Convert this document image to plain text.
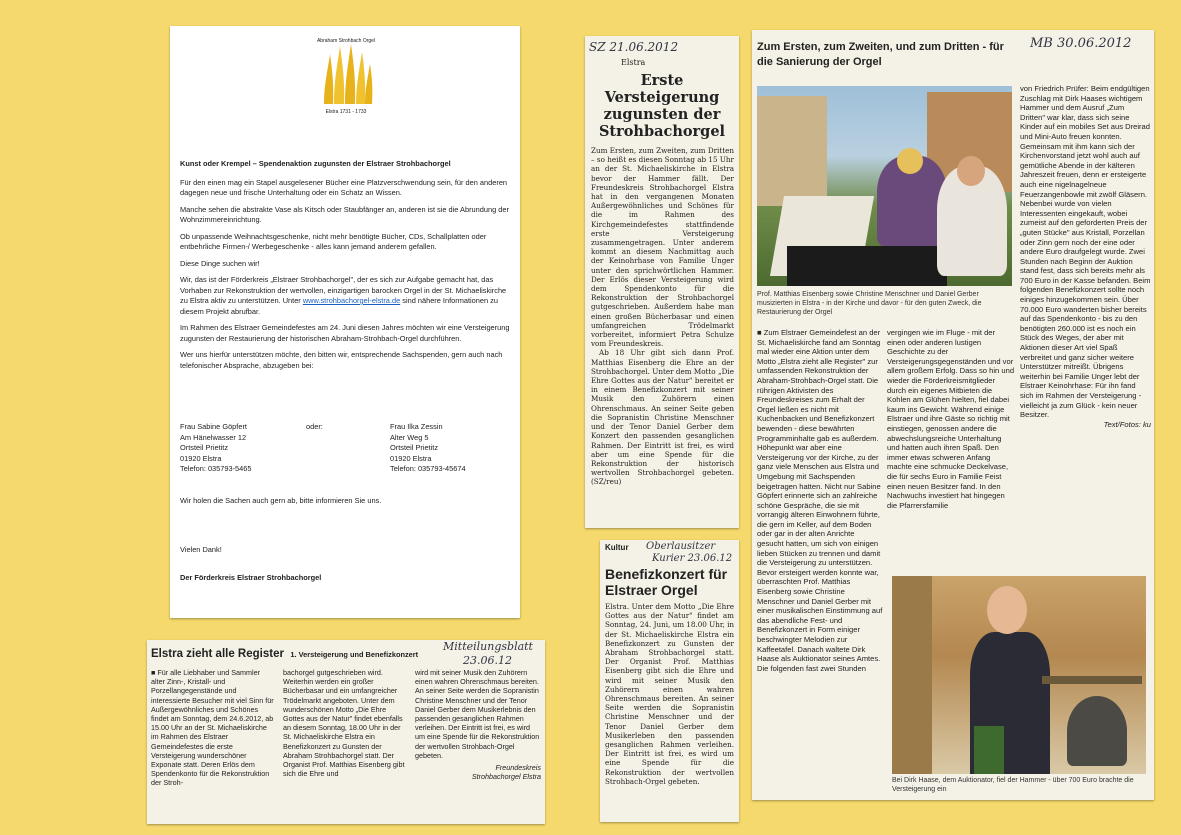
Abraham Strohbach Orgel
Elstra 1731 - 1733

Kunst oder Krempel – Spendenaktion zugunsten der Elstraer Strohbachorgel

Für den einen mag ein Stapel ausgelesener Bücher eine Platzverschwendung sein, für den anderen dagegen neue und frische Unterhaltung oder ein Schatz an Wissen.

Manche sehen die abstrakte Vase als Kitsch oder Staubfänger an, anderen ist sie die Abrundung der Wohnzimmereinrichtung.

Ob unpassende Weihnachtsgeschenke, nicht mehr benötigte Bücher, CDs, Schallplatten oder entbehrliche Firmen-/ Werbegeschenke - alles kann jemand anderem gefallen.

Diese Dinge suchen wir!

Wir, das ist der Förderkreis „Elstraer Strohbachorgel", der es sich zur Aufgabe gemacht hat, das Vorhaben zur Rekonstruktion der wertvollen, einzigartigen barocken Orgel in der St. Michaeliskirche zu Elstra aktiv zu unterstützen. Unter www.strohbachorgel-elstra.de sind nähere Informationen zu diesem Projekt abrufbar.

Im Rahmen des Elstraer Gemeindefestes am 24. Juni diesen Jahres möchten wir eine Versteigerung zugunsten der Restaurierung der historischen Abraham-Strohbach-Orgel durchführen.

Wer uns hierfür unterstützen möchte, den bitten wir, entsprechende Sachspenden, gern auch nach telefonischer Absprache, abzugeben bei:

Frau Sabine Göpfert
Am Hänelwasser 12
Ortsteil Prietitz
01920 Elstra
Telefon: 035793-5465
oder:	Frau Ilka Zessin
Alter Weg 5
Ortsteil Prietitz
01920 Elstra
Telefon: 035793-45674

Wir holen die Sachen auch gern ab, bitte informieren Sie uns.

Vielen Dank!

Der Förderkreis Elstraer Strohbachorgel

SZ 21.06.2012
Elstra
Erste Versteigerung zugunsten der Strohbachorgel

Zum Ersten, zum Zweiten, zum Dritten – so heißt es diesen Sonntag ab 15 Uhr an der St. Michaeliskirche in Elstra bevor der Hammer fällt. Der Freundeskreis Strohbachorgel Elstra hat in den vergangenen Monaten Außergewöhnliches und Schönes für die im Rahmen des Kirchgemeindefestes stattfindende erste Versteigerung zusammengetragen. Unter anderem kommt an diesem Nachmittag auch der Keinohrhase von Familie Unger unter den sprichwörtlichen Hammer. Der Erlös dieser Versteigerung wird dem Spendenkonto für die Rekonstruktion der Strohbachorgel gutgeschrieben. Außerdem habe man einen großen Bücherbasar und einen umfangreichen Trödelmarkt vorbereitet, informiert Petra Schulze vom Freundeskreis.

Ab 18 Uhr gibt sich dann Prof. Matthias Eisenberg die Ehre an der Strohbachorgel. Unter dem Motto „Die Ehre Gottes aus der Natur" bereitet er in einem Benefizkonzert mit seiner Musik den Zuhörern einen Ohrenschmaus. An seiner Seite geben die Sopranistin Christine Menschner und der Tenor Daniel Gerber dem Konzert den passenden gesanglichen Rahmen. Der Eintritt ist frei, es wird aber um eine Spende für die Rekonstruktion der historisch wertvollen Strohbachorgel gebeten. (SZ/reu)

Kultur Oberlausitzer
Kurier 23.06.12
Benefizkonzert für Elstraer Orgel
Elstra. Unter dem Motto „Die Ehre Gottes aus der Natur" findet am Sonntag, 24. Juni, um 18.00 Uhr, in der St. Michaeliskirche Elstra ein Benefizkonzert zu Gunsten der Abraham Strohbachorgel statt. Der Organist Prof. Matthias Eisenberg gibt sich die Ehre und wird mit seiner Musik den Zuhörern einen wahren Ohrenschmaus bereiten. An seiner Seite werden die Sopranistin Christine Menschner und der Tenor Daniel Gerber dem Musikerleben den passenden gesanglichen Rahmen verleihen. Der Eintritt ist frei, es wird um eine Spende für die Rekonstruktion der wertvollen Strohbach-Orgel gebeten.
Zum Ersten, zum Zweiten, und zum Dritten - für die Sanierung der Orgel
MB 30.06.2012
Prof. Matthias Eisenberg sowie Christine Menschner und Daniel Gerber musizierten in Elstra - in der Kirche und davor - für den guten Zweck, die Restaurierung der Orgel

von Friedrich Prüfer: Beim endgültigen Zuschlag mit Dirk Haases wichtigem Hammer und dem Ausruf „Zum Dritten" war klar, dass sich seine Kinder auf ein mobiles Set aus Dreirad und Mini-Auto freuen konnten. Gemeinsam mit ihm kann sich der Kirchenvorstand jetzt wohl auch auf gemütliche Abende in der kälteren Jahreszeit freuen, denn er ersteigerte auch eine nigelnagelneue Feuerzangenbowle mit zwölf Gläsern. Nebenbei wurde von vielen Interessenten eingekauft, wobei zumeist auf den geforderten Preis der „guten Stücke" aus Kristall, Porzellan oder Zinn gern noch der eine oder andere Euro draufgelegt wurde. Zwei Stunden nach Beginn der Auktion stand fest, dass sich bereits mehr als 700 Euro in der Kasse befanden. Beim folgenden Benefizkonzert sollte noch einiges hinzugekommen sein. Über 70.000 Euro wanderten bisher bereits auf das Spendenkonto - bis zu den benötigten 260.000 ist es noch ein Stück des Weges, der aber mit Aktionen dieser Art viel Spaß verbreitet und ganz sicher weitere Unterstützer mitreißt. Übrigens weiterhin bei Familie Unger lebt der Elstraer Keinohrhase: Für ihn fand sich im Rahmen der Versteigerung - vielleicht ja zum Glück - kein neuer Besitzer.

Text/Fotos: ku

■ Zum Elstraer Gemeindefest an der St. Michaeliskirche fand am Sonntag mal wieder eine Aktion unter dem Motto „Elstra zieht alle Register" zur umfassenden Rekonstruktion der Abraham-Strohbach-Orgel statt. Die rührigen Aktivisten des Freundeskreises zum Erhalt der Orgel ließen es nicht mit Kuchenbacken und Benefizkonzert bewenden - diese bewährten Programminhalte gab es außerdem. Höhepunkt war aber eine Versteigerung vor der Kirche, zu der ganz viele Menschen aus Elstra und Umgebung mit Sachspenden beigetragen hatten. Nicht nur Sabine Göpfert erinnerte sich an zahlreiche schöne Gespräche, die sie mit vorrangig älteren Einwohnern führte, die gern im Keller, auf dem Boden oder gar in der alten Anrichte gesucht hatten, um sich von einigen lieben Stücken zu trennen und damit die Versteigerung zu unterstützen. Bevor ersteigert werden konnte war, überraschten Prof. Matthias Eisenberg sowie Christine Menschner und Daniel Gerber mit einer musikalischen Einstimmung auf das abendliche Fest- und Benefizkonzert in Form einiger beschwingter Melodien zur Kaffeetafel. Danach waltete Dirk Haase als Auktionator seines Amtes. Die folgenden fast zwei Stunden
vergingen wie im Fluge - mit der einen oder anderen lustigen Geschichte zu der Versteigerungsgegenständen und vor allem großem Erfolg. Dass so hin und wieder die Förderkreismitglieder durch ein eigenes Mitbieten die Kohlen am Glühen hielten, fiel dabei kaum ins Gewicht. Während einige Elstraer und ihre Gäste so richtig mit einstiegen, genossen andere die abwechslungsreiche Unterhaltung und hatten auch ihren Spaß. Den immer etwas schweren Anfang machte eine schmucke Deckelvase, die für sechs Euro in Familie Feist einen neuen Besitzer fand. In den Nachwuchs investiert hat hingegen die Pfarrersfamilie
Bei Dirk Haase, dem Auktionator, fiel der Hammer - über 700 Euro brachte die Versteigerung ein
Elstra zieht alle Register 1. Versteigerung und Benefizkonzert
Mitteilungsblatt
23.06.12
■ Für alle Liebhaber und Sammler alter Zinn-, Kristall- und Porzellangegenstände und interessierte Besucher mit viel Sinn für Außergewöhnliches und Schönes findet am Sonntag, dem 24.6.2012, ab 15.00 Uhr an der St. Michaeliskirche im Rahmen des Elstraer Gemeindefestes die erste Versteigerung wunderschöner Exponate statt. Deren Erlös dem Spendenkonto für die Rekonstruktion der Stroh-
bachorgel gutgeschrieben wird. Weiterhin werden ein großer Bücherbasar und ein umfangreicher Trödelmarkt angeboten. Unter dem wunderschönen Motto „Die Ehre Gottes aus der Natur" findet ebenfalls an diesem Sonntag, 18.00 Uhr in der St. Michaeliskirche Elstra ein Benefizkonzert zu Gunsten der Abraham Strohbachorgel statt. Der Organist Prof. Matthias Eisenberg gibt sich die Ehre und

wird mit seiner Musik den Zuhörern einen wahren Ohrenschmaus bereiten. An seiner Seite werden die Sopranistin Christine Menschner und der Tenor Daniel Gerber dem Musikerlebnis den passenden gesanglichen Rahmen verleihen. Der Eintritt ist frei, es wird um eine Spende für die Rekonstruktion der wertvollen Strohbach-Orgel gebeten.

Freundeskreis
Strohbachorgel Elstra
